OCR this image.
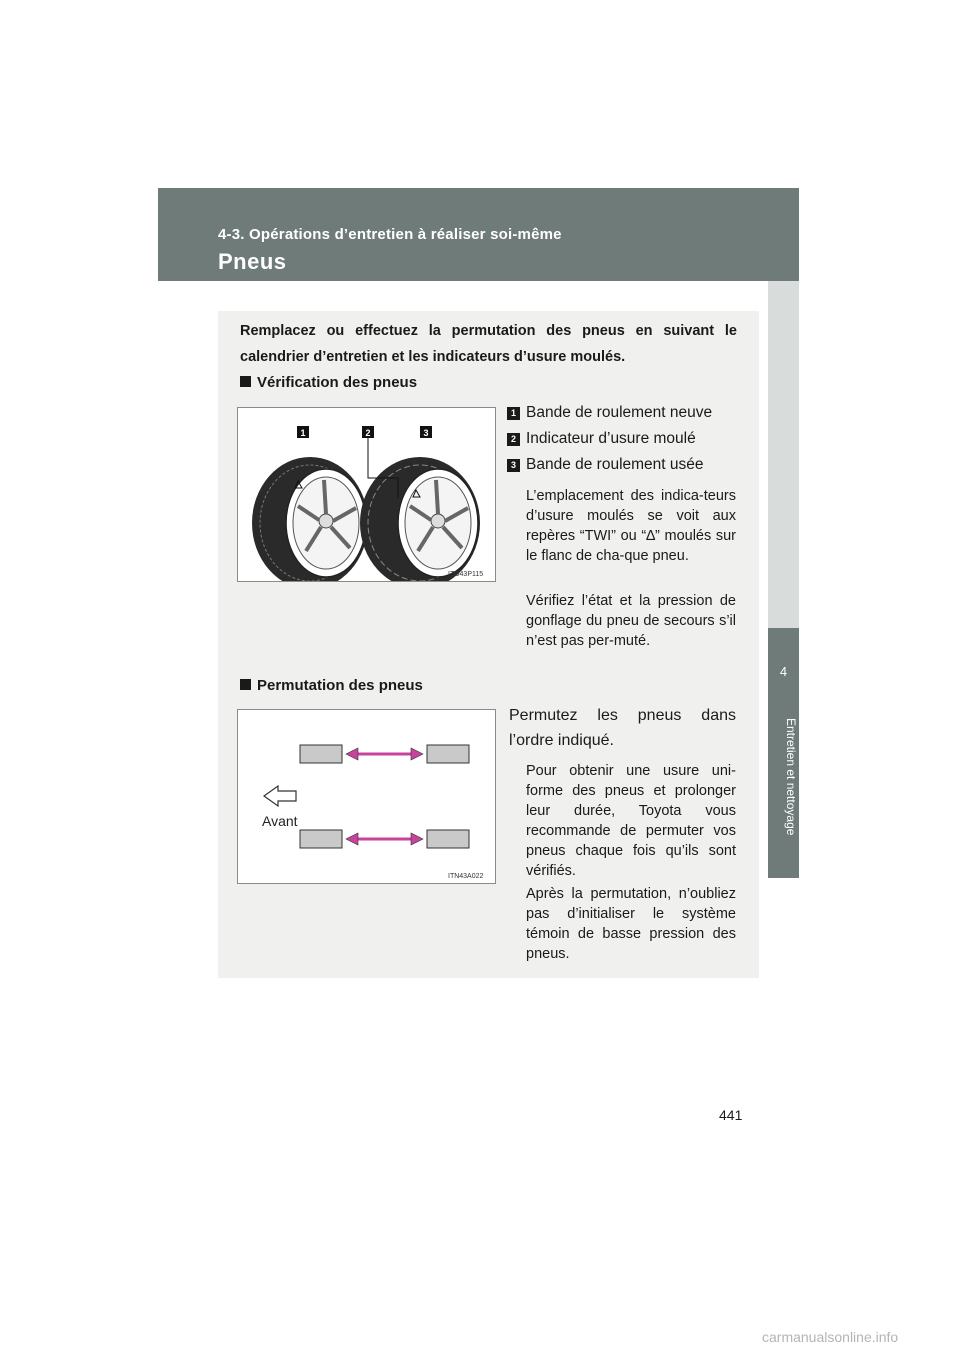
4-3. Opérations d’entretien à réaliser soi-même
Pneus
4
Entretien et nettoyage
Remplacez ou effectuez la permutation des pneus en suivant le calendrier d’entretien et les indicateurs d’usure moulés.
Vérification des pneus
1	2	3
ITO43P115
1 Bande de roulement neuve
2 Indicateur d’usure moulé
3 Bande de roulement usée
L’emplacement des indica-teurs d’usure moulés se voit aux repères “TWI” ou “∆” moulés sur le flanc de cha-que pneu.
Vérifiez l’état et la pression de gonflage du pneu de secours s’il n’est pas per-muté.
Permutation des pneus
Avant
ITN43A022
Permutez les pneus dans l’ordre indiqué.
Pour obtenir une usure uni-forme des pneus et prolonger leur durée, Toyota vous recommande de permuter vos pneus chaque fois qu’ils sont vérifiés.
Après la permutation, n’oubliez pas d’initialiser le système témoin de basse pression des pneus.
441
carmanualsonline.info
